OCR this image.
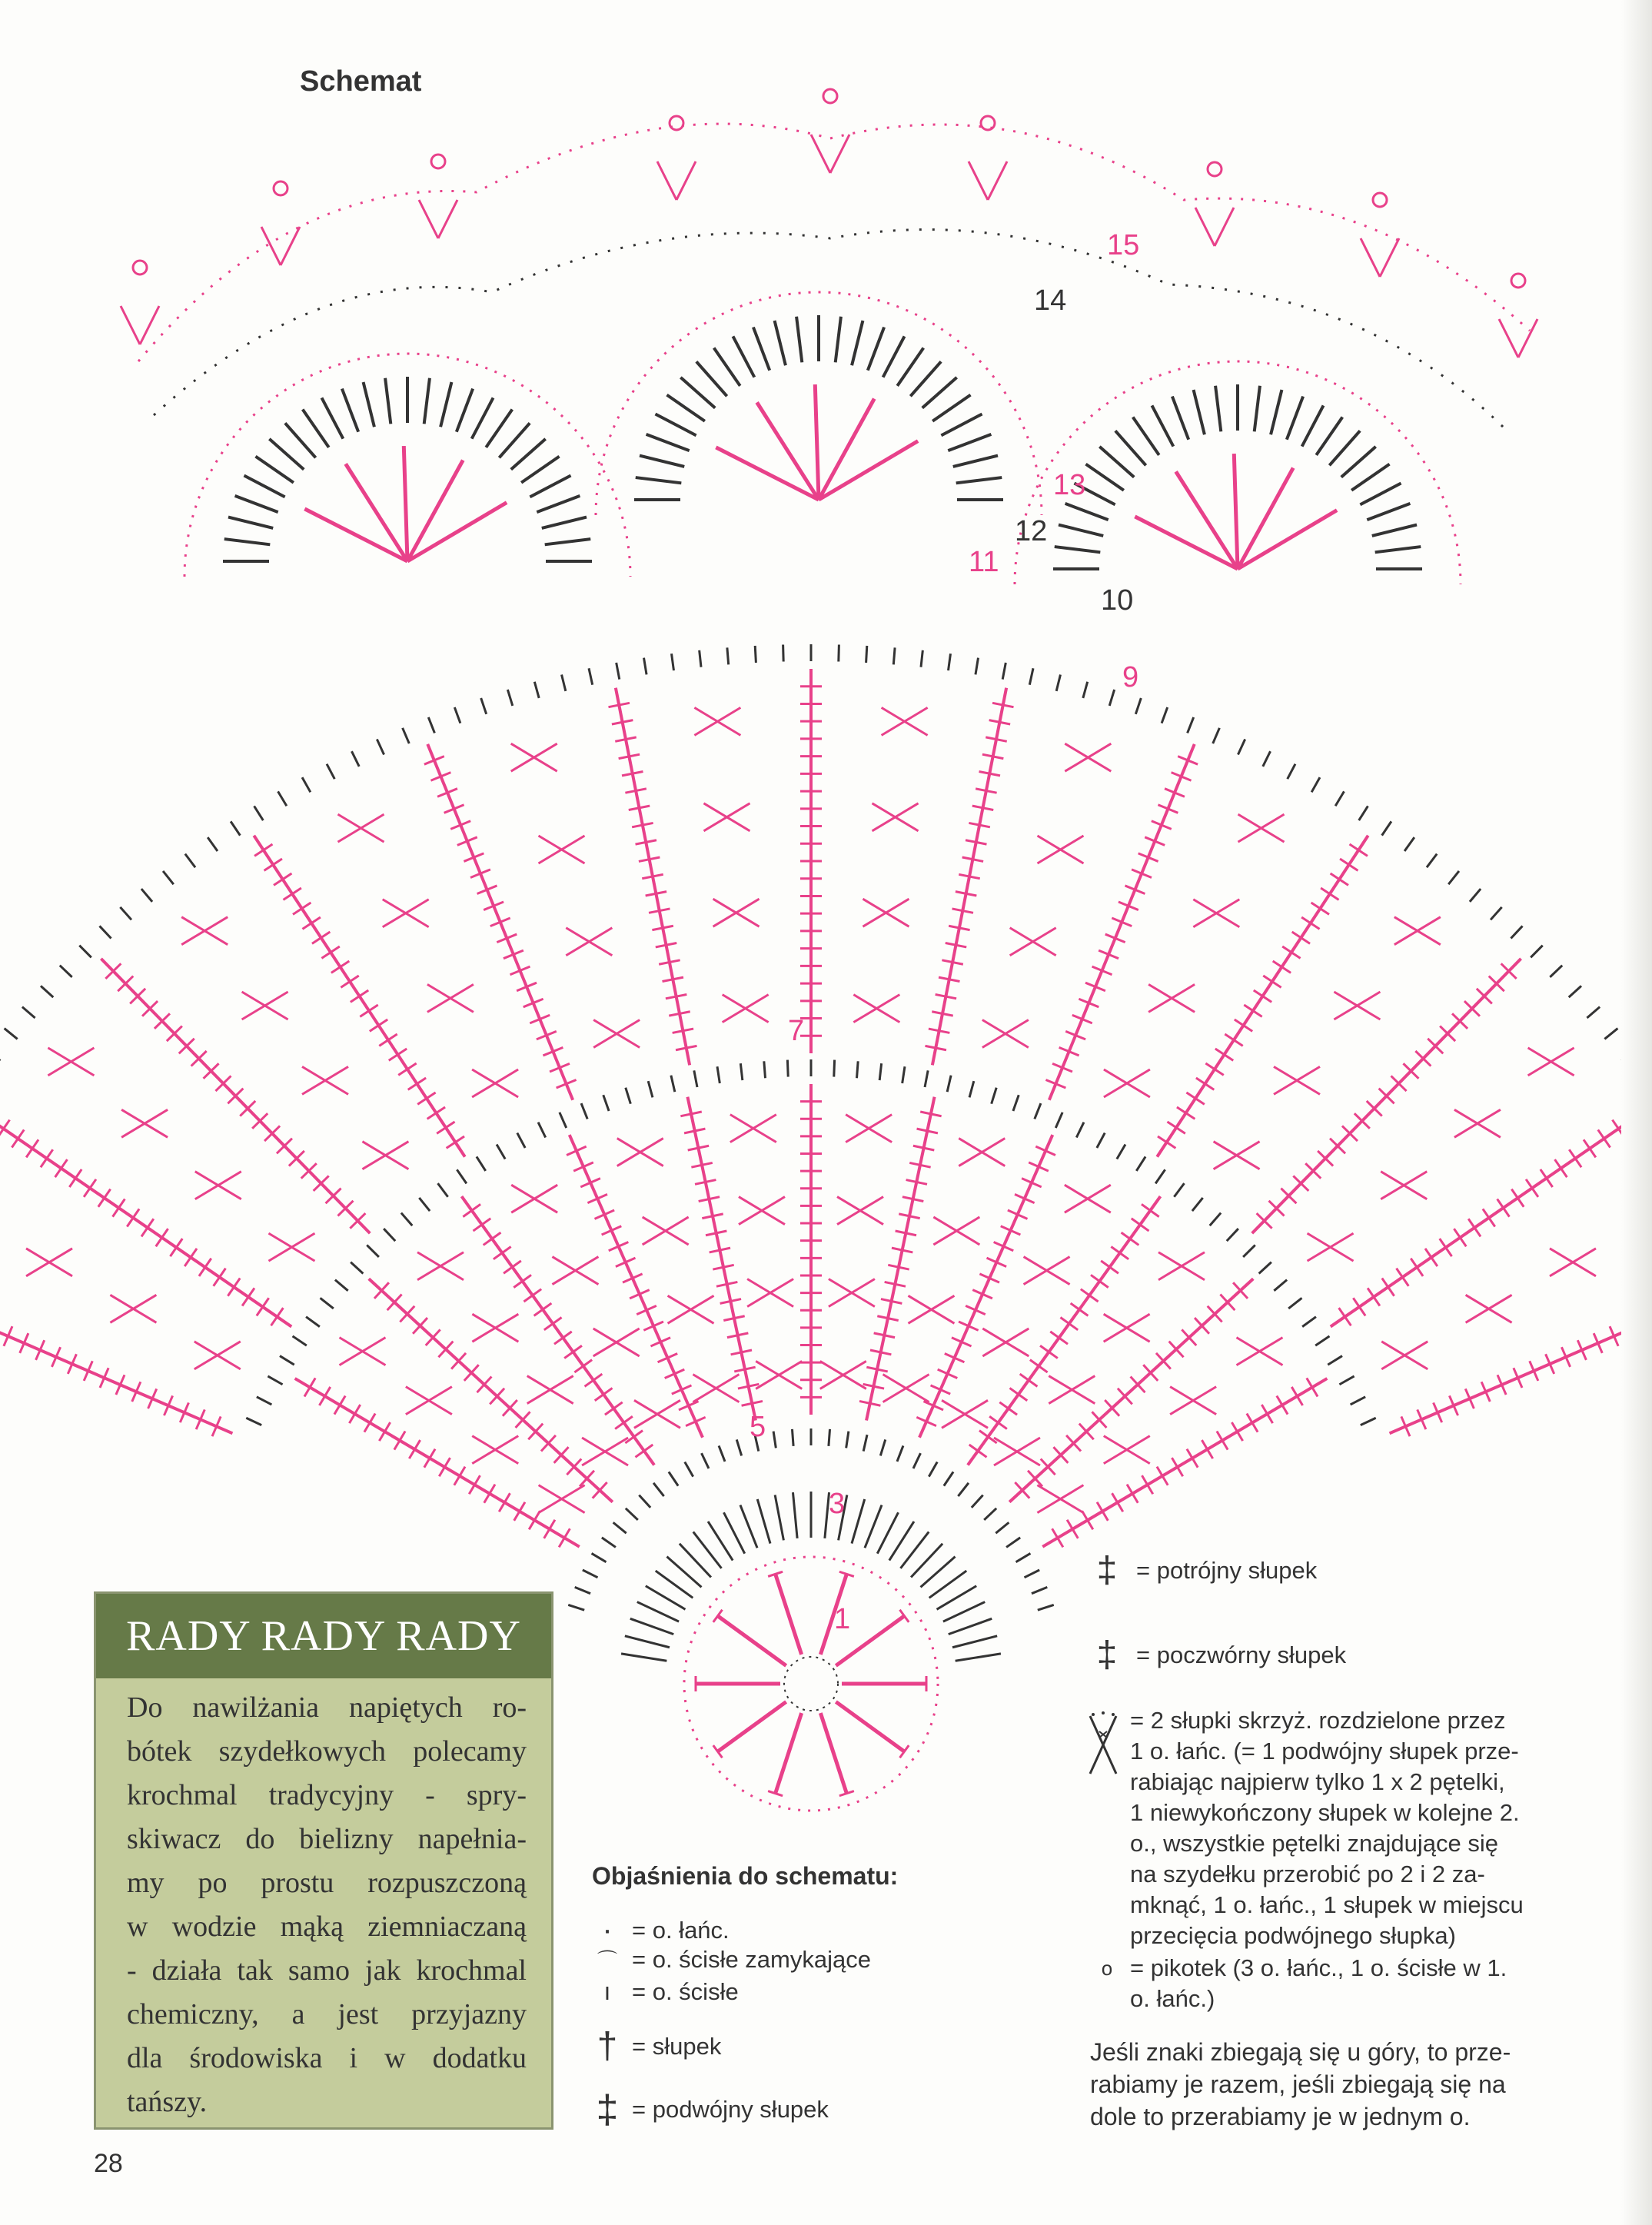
Schemat
1
3
5
7
9
10
11
12
13
14
15
RADY RADY RADY
Do nawilżania napiętych ro-
bótek szydełkowych polecamy
krochmal tradycyjny - spry-
skiwacz do bielizny napełnia-
my po prostu rozpuszczoną
w wodzie mąką ziemniaczaną
- działa tak samo jak krochmal
chemiczny, a jest przyjazny
dla środowiska i w dodatku
tańszy.
28
Objaśnienia do schematu:
· = o. łańc.
⌒ = o. ścisłe zamykające
ı = o. ścisłe
† = słupek
‡ = podwójny słupek
‡ = potrójny słupek
‡ = poczwórny słupek
= 2 słupki skrzyż. rozdzielone przez
1 o. łańc. (= 1 podwójny słupek prze-
rabiając najpierw tylko 1 x 2 pętelki,
1 niewykończony słupek w kolejne 2.
o., wszystkie pętelki znajdujące się
na szydełku przerobić po 2 i 2 za-
mknąć, 1 o. łańc., 1 słupek w miejscu
przecięcia podwójnego słupka)
o = pikotek (3 o. łańc., 1 o. ścisłe w 1.
o. łańc.)
Jeśli znaki zbiegają się u góry, to prze-
rabiamy je razem, jeśli zbiegają się na
dole to przerabiamy je w jednym o.
